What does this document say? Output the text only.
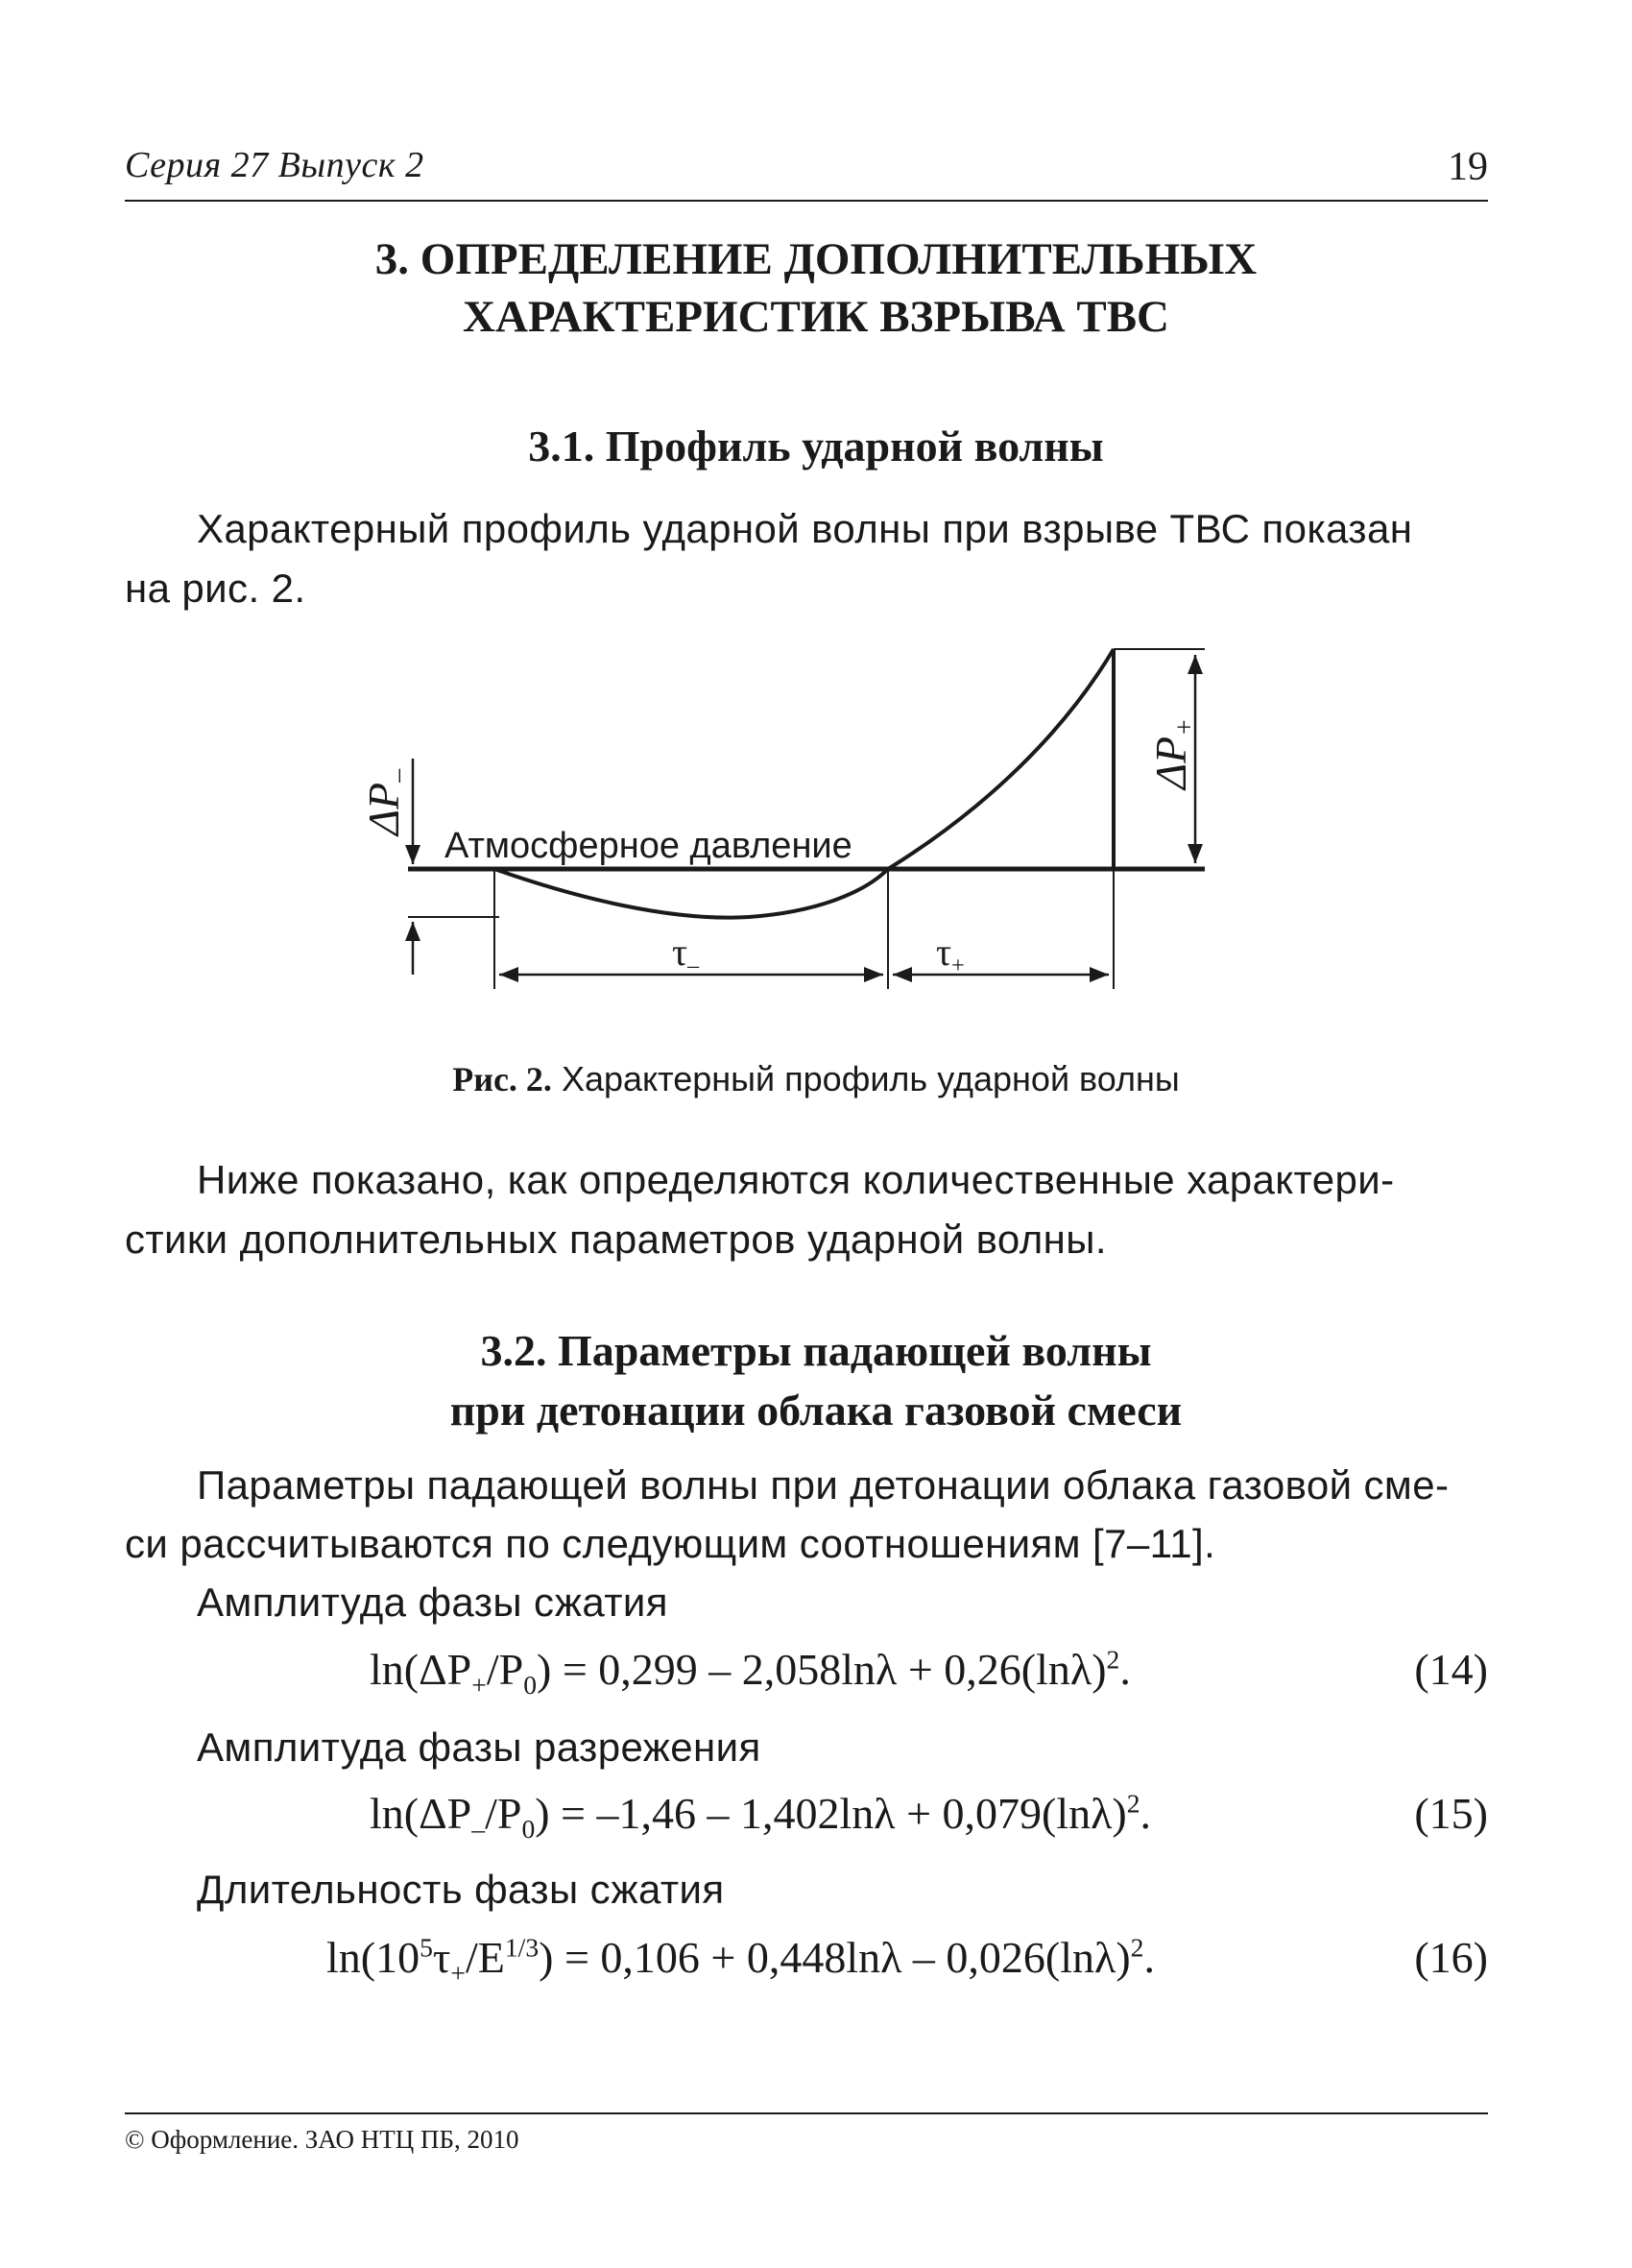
Серия 27 Выпуск 2	19
3. ОПРЕДЕЛЕНИЕ ДОПОЛНИТЕЛЬНЫХ
ХАРАКТЕРИСТИК ВЗРЫВА ТВС
3.1. Профиль ударной волны
Характерный профиль ударной волны при взрыве ТВС показан
на рис. 2.
ΔP–	ΔP+
Атмосферное давление
$\tau_-$	$\tau_+$
Рис. 2. Характерный профиль ударной волны
Ниже показано, как определяются количественные характери-
стики дополнительных параметров ударной волны.
3.2. Параметры падающей волны
при детонации облака газовой смеси
Параметры падающей волны при детонации облака газовой сме-
си рассчитываются по следующим соотношениям [7–11].
Амплитуда фазы сжатия
$\ln(\Delta P_+/P_0) = 0,299 - 2,058\ln\lambda + 0,26(\ln\lambda)^2$.	(14)
Амплитуда фазы разрежения
$\ln(\Delta P_-/P_0) = -1,46 - 1,402\ln\lambda + 0,079(\ln\lambda)^2$.	(15)
Длительность фазы сжатия
$\ln(10^5\tau_+/E^{1/3}) = 0,106 + 0,448\ln\lambda - 0,026(\ln\lambda)^2$.	(16)
© Оформление. ЗАО НТЦ ПБ, 2010
